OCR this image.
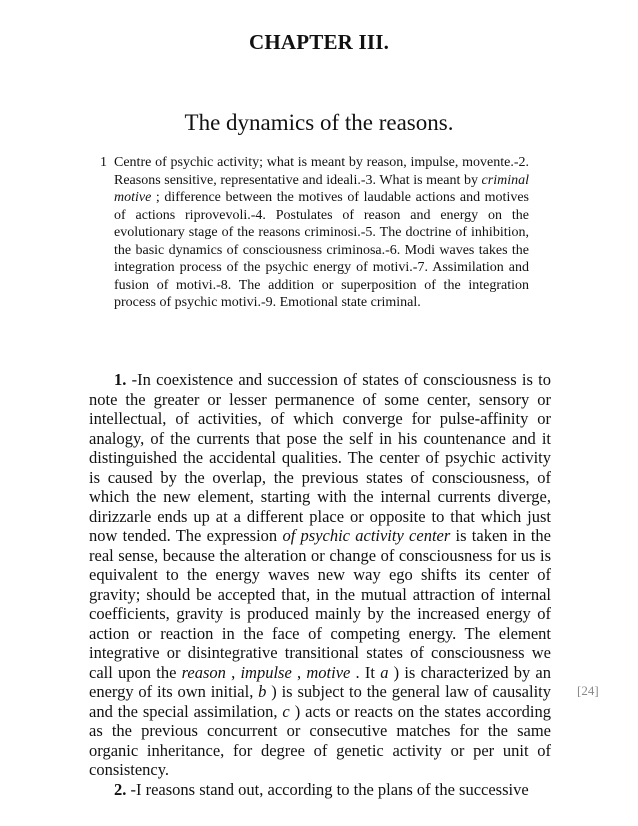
CHAPTER III.
The dynamics of the reasons.
1 Centre of psychic activity; what is meant by reason, impulse, movente.-2. Reasons sensitive, representative and ideali.-3. What is meant by criminal motive ; difference between the motives of laudable actions and motives of actions riprovevoli.-4. Postulates of reason and energy on the evolutionary stage of the reasons criminosi.-5. The doctrine of inhibition, the basic dynamics of consciousness criminosa.-6. Modi waves takes the integration process of the psychic energy of motivi.-7. Assimilation and fusion of motivi.-8. The addition or superposition of the integration process of psychic motivi.-9. Emotional state criminal.

1. -In coexistence and succession of states of consciousness is to note the greater or lesser permanence of some center, sensory or intellectual, of activities, of which converge for pulse-affinity or analogy, of the currents that pose the self in his countenance and it distinguished the accidental qualities. The center of psychic activity is caused by the overlap, the previous states of consciousness, of which the new element, starting with the internal currents diverge, dirizzarle ends up at a different place or opposite to that which just now tended. The expression of psychic activity center is taken in the real sense, because the alteration or change of consciousness for us is equivalent to the energy waves new way ego shifts its center of gravity; should be accepted that, in the mutual attraction of internal coefficients, gravity is produced mainly by the increased energy of action or reaction in the face of competing energy. The element integrative or disintegrative transitional states of consciousness we call upon the reason , impulse , motive . It a ) is characterized by an energy of its own initial, b ) is subject to the general law of causality and the special assimilation, c ) acts or reacts on the states according as the previous concurrent or consecutive matches for the same organic inheritance, for degree of genetic activity or per unit of consistency.

2. -I reasons stand out, according to the plans of the successive

[24]
